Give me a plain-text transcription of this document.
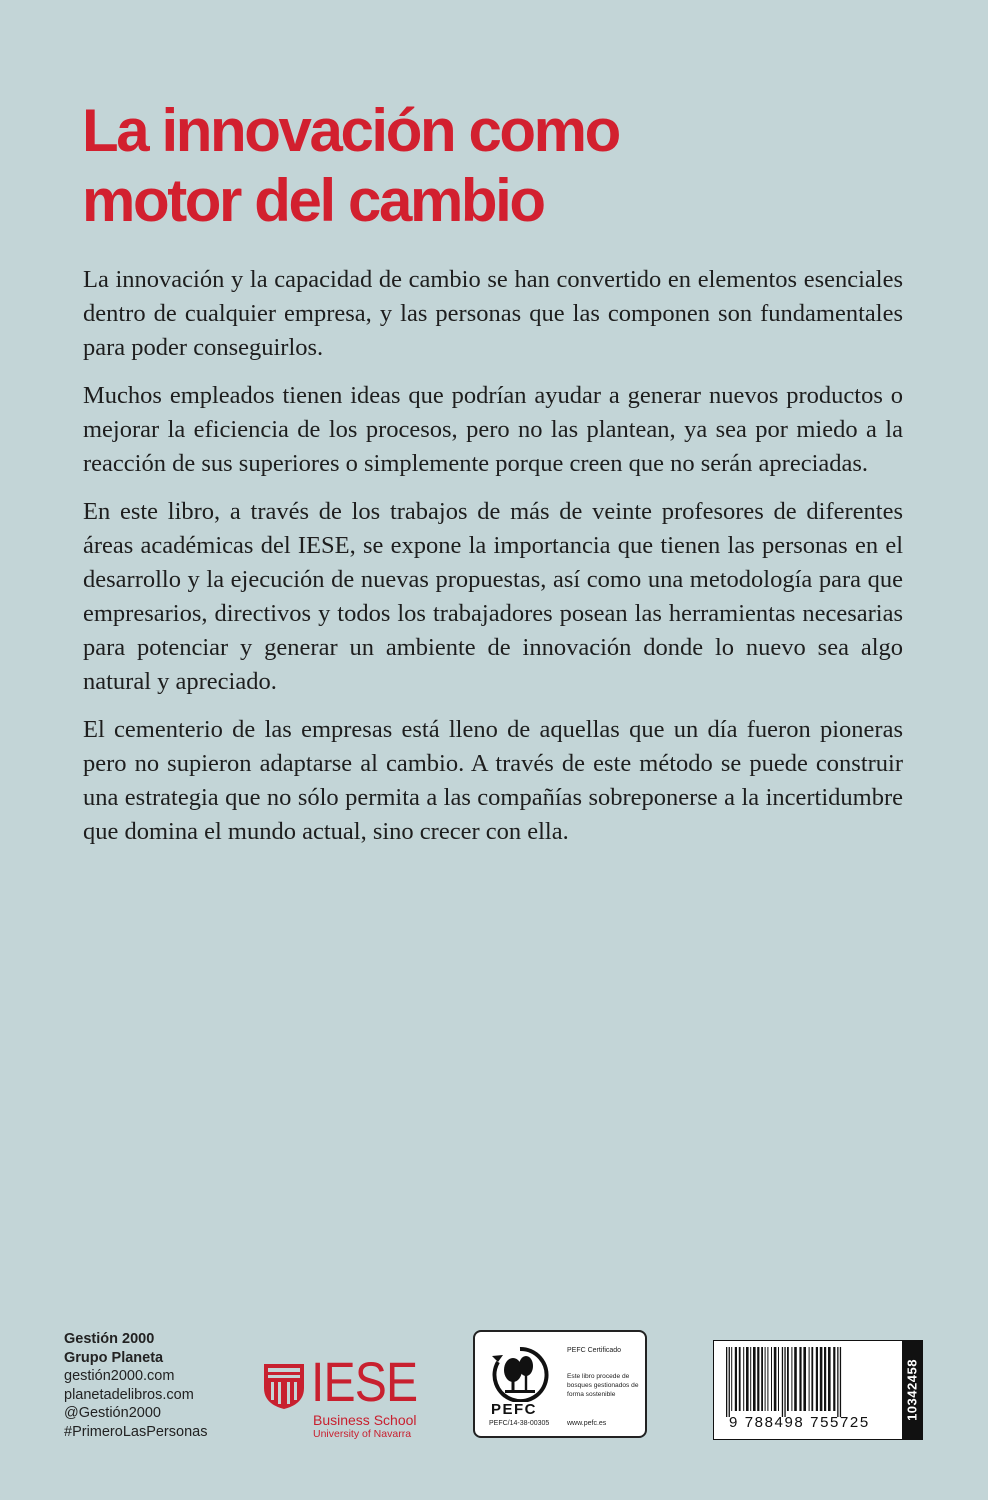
La innovación como
motor del cambio

La innovación y la capacidad de cambio se han convertido en elementos esenciales dentro de cualquier empresa, y las personas que las componen son fundamentales para poder conseguirlos.

Muchos empleados tienen ideas que podrían ayudar a generar nuevos productos o mejorar la eficiencia de los procesos, pero no las plantean, ya sea por miedo a la reacción de sus superiores o simplemente porque creen que no serán apreciadas.

En este libro, a través de los trabajos de más de veinte profesores de diferentes áreas académicas del IESE, se expone la importancia que tienen las personas en el desarrollo y la ejecución de nuevas propuestas, así como una metodología para que empresarios, directivos y todos los trabajadores posean las herramientas necesarias para potenciar y generar un ambiente de innovación donde lo nuevo sea algo natural y apreciado.

El cementerio de las empresas está lleno de aquellas que un día fueron pioneras pero no supieron adaptarse al cambio. A través de este método se puede construir una estrategia que no sólo permita a las compañías sobreponerse a la incertidumbre que domina el mundo actual, sino crecer con ella.

Gestión 2000
Grupo Planeta
gestión2000.com
planetadelibros.com
@Gestión2000
#PrimeroLasPersonas
IESE
Business School
University of Navarra
PEFC
PEFC/14-38-00305
PEFC Certificado
Este libro procede de bosques gestionados de forma sostenible
www.pefc.es	9 788498 755725
10342458
